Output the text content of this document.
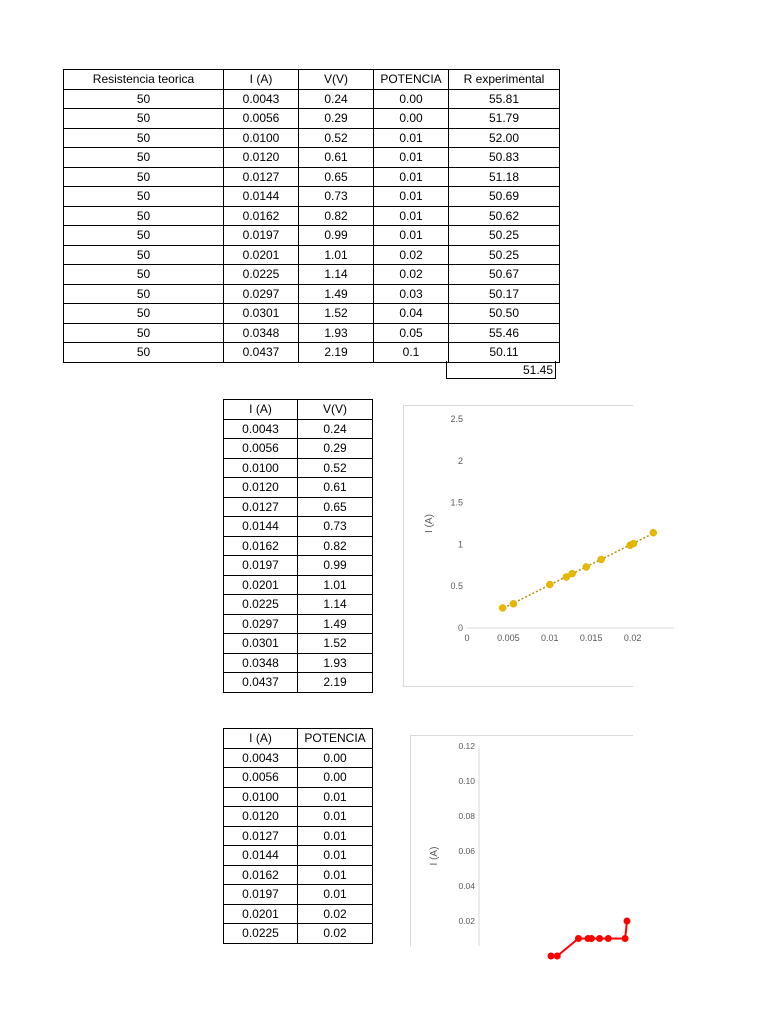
Resistencia teorica	I (A)	V(V)	POTENCIA	R experimental
50	0.0043	0.24	0.00	55.81
50	0.0056	0.29	0.00	51.79
50	0.0100	0.52	0.01	52.00
50	0.0120	0.61	0.01	50.83
50	0.0127	0.65	0.01	51.18
50	0.0144	0.73	0.01	50.69
50	0.0162	0.82	0.01	50.62
50	0.0197	0.99	0.01	50.25
50	0.0201	1.01	0.02	50.25
50	0.0225	1.14	0.02	50.67
50	0.0297	1.49	0.03	50.17
50	0.0301	1.52	0.04	50.50
50	0.0348	1.93	0.05	55.46
50	0.0437	2.19	0.1	50.11
51.45
I (A)	V(V)
0.0043	0.24
0.0056	0.29
0.0100	0.52
0.0120	0.61
0.0127	0.65
0.0144	0.73
0.0162	0.82
0.0197	0.99
0.0201	1.01
0.0225	1.14
0.0297	1.49
0.0301	1.52
0.0348	1.93
0.0437	2.19
0
0.5
1
1.5
2
2.5
0	0.005 0.01 0.015 0.02
I (A)
I (A)	POTENCIA
0.0043	0.00
0.0056	0.00
0.0100	0.01
0.0120	0.01
0.0127	0.01
0.0144	0.01
0.0162	0.01
0.0197	0.01
0.0201	0.02
0.0225	0.02
0.02
0.04
0.06
0.08
0.10
0.12
I (A)
